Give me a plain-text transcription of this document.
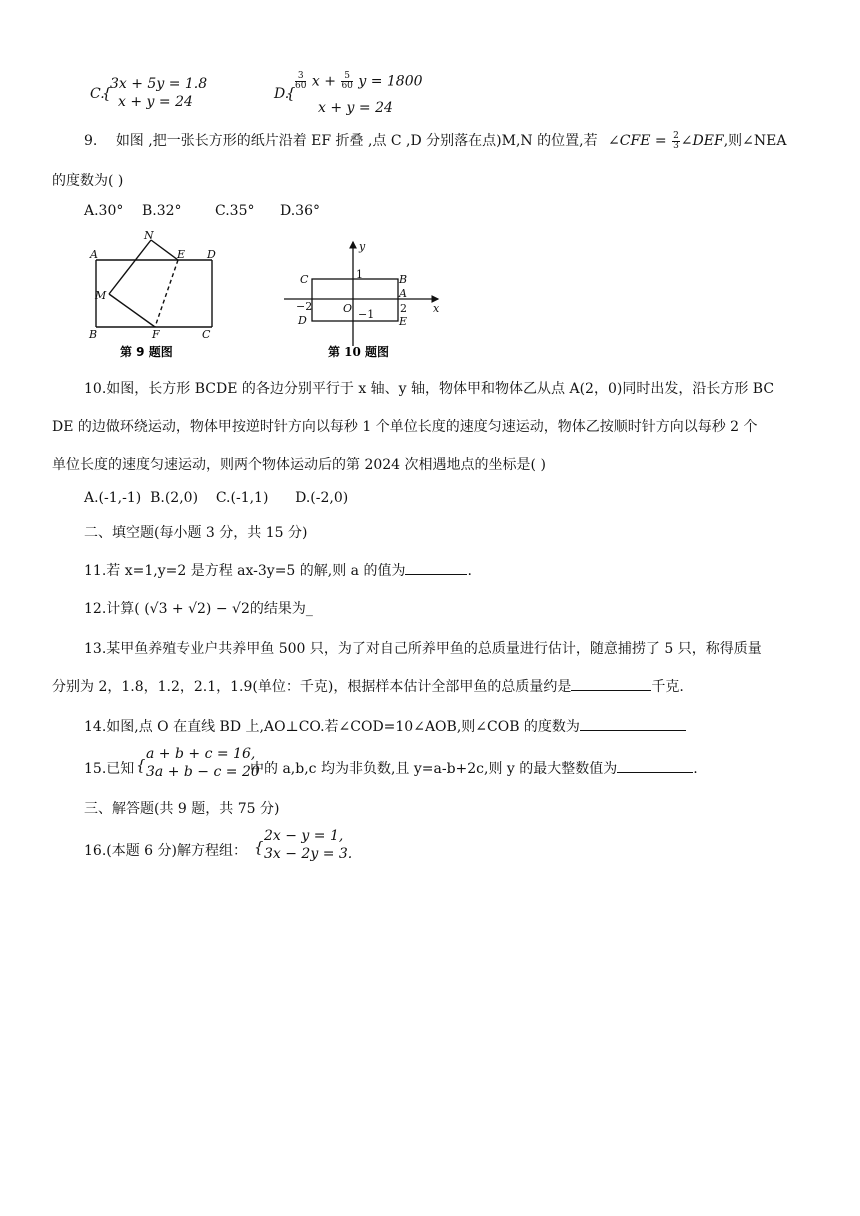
C.
{
3x + 5y = 1.8
x + y = 24	D.
{
$\frac{3}{60}$ $x + \frac{5}{60}$ y = 1800
x + y = 24
9. 如图 ,把一张长方形的纸片沿着 EF 折叠 ,点 C ,D 分别落在点)M,N 的位置,若 ∠CFE = $\frac{2}{3}$ ∠DEF,则∠NEA
的度数为( )
A.30° B.32° C.35° D.36°
A
N
E D
M
B	F	C
第 9 题图
y
x
C	B
A
D	E
O
1
2
−2
−1
第 10 题图
10.如图，长方形 BCDE 的各边分别平行于 x 轴、y 轴，物体甲和物体乙从点 A(2，0)同时出发，沿长方形 BC
DE 的边做环绕运动，物体甲按逆时针方向以每秒 1 个单位长度的速度匀速运动，物体乙按顺时针方向以每秒 2 个
单位长度的速度匀速运动，则两个物体运动后的第 2024 次相遇地点的坐标是( )
A.(-1,-1)  B.(2,0)    C.(-1,1)      D.(-2,0)
二、填空题(每小题 3 分，共 15 分)
11.若 x=1,y=2 是方程 ax-3y=5 的解,则 a 的值为	.
12.计算( (√3 + √2) − √2的结果为_
13.某甲鱼养殖专业户共养甲鱼 500 只，为了对自己所养甲鱼的总质量进行估计，随意捕捞了 5 只，称得质量
分别为 2，1.8，1.2，2.1，1.9(单位：千克)，根据样本估计全部甲鱼的总质量约是	千克.
14.如图,点 O 在直线 BD 上,AO⊥CO.若∠COD=10∠AOB,则∠COB 的度数为
15.已知 {
a + b + c = 16,
3a + b − c = 20
中的 a,b,c 均为非负数,且 y=a-b+2c,则 y 的最大整数值为	.
三、解答题(共 9 题，共 75 分)
16.(本题 6 分)解方程组： {
2x − y = 1,
3x − 2y = 3.
